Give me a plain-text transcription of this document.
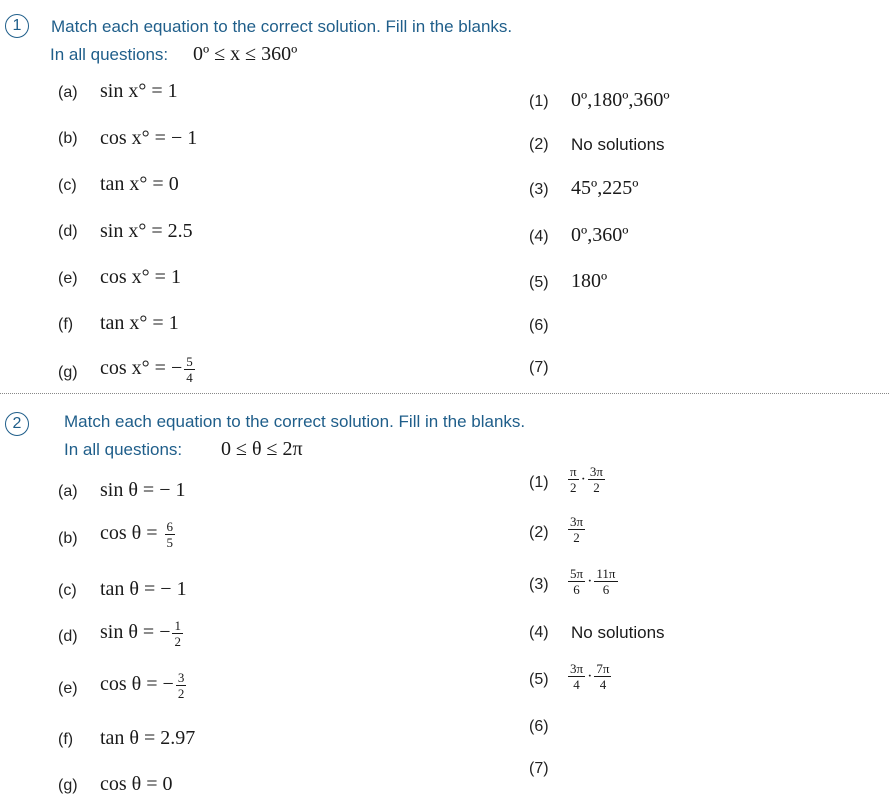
1	Match each equation to the correct solution. Fill in the blanks.
In all questions: 0º ≤ x ≤ 360º
(a) sin x° = 1
(b) cos x° = − 1
(c) tan x° = 0
(d) sin x° = 2.5
(e) cos x° = 1
(f) tan x° = 1
(g) cos x° = − $\frac{5}{4}$
(1) 0º,180º,360º
(2) No solutions
(3) 45º,225º
(4) 0º,360º
(5) 180º
(6)
(7)
2	Match each equation to the correct solution. Fill in the blanks.
In all questions: 0 ≤ θ ≤ 2π
(a) sin θ = − 1
(b) $\cos \theta = \frac{6}{5}$
(c) tan θ = − 1
(d) sin θ = − $\frac{1}{2}$
(e) cos θ = − $\frac{3}{2}$
(f) tan θ = 2.97
(g) cos θ = 0
$(1) \frac{\pi}{2} \cdot \frac{3\pi}{2}$
$(2) \frac{3\pi}{2}$
$(3) \frac{5\pi}{6} \cdot \frac{11\pi}{6}$
(4) No solutions
$(5) \frac{3\pi}{4} \cdot \frac{7\pi}{4}$
(6)
(7)
